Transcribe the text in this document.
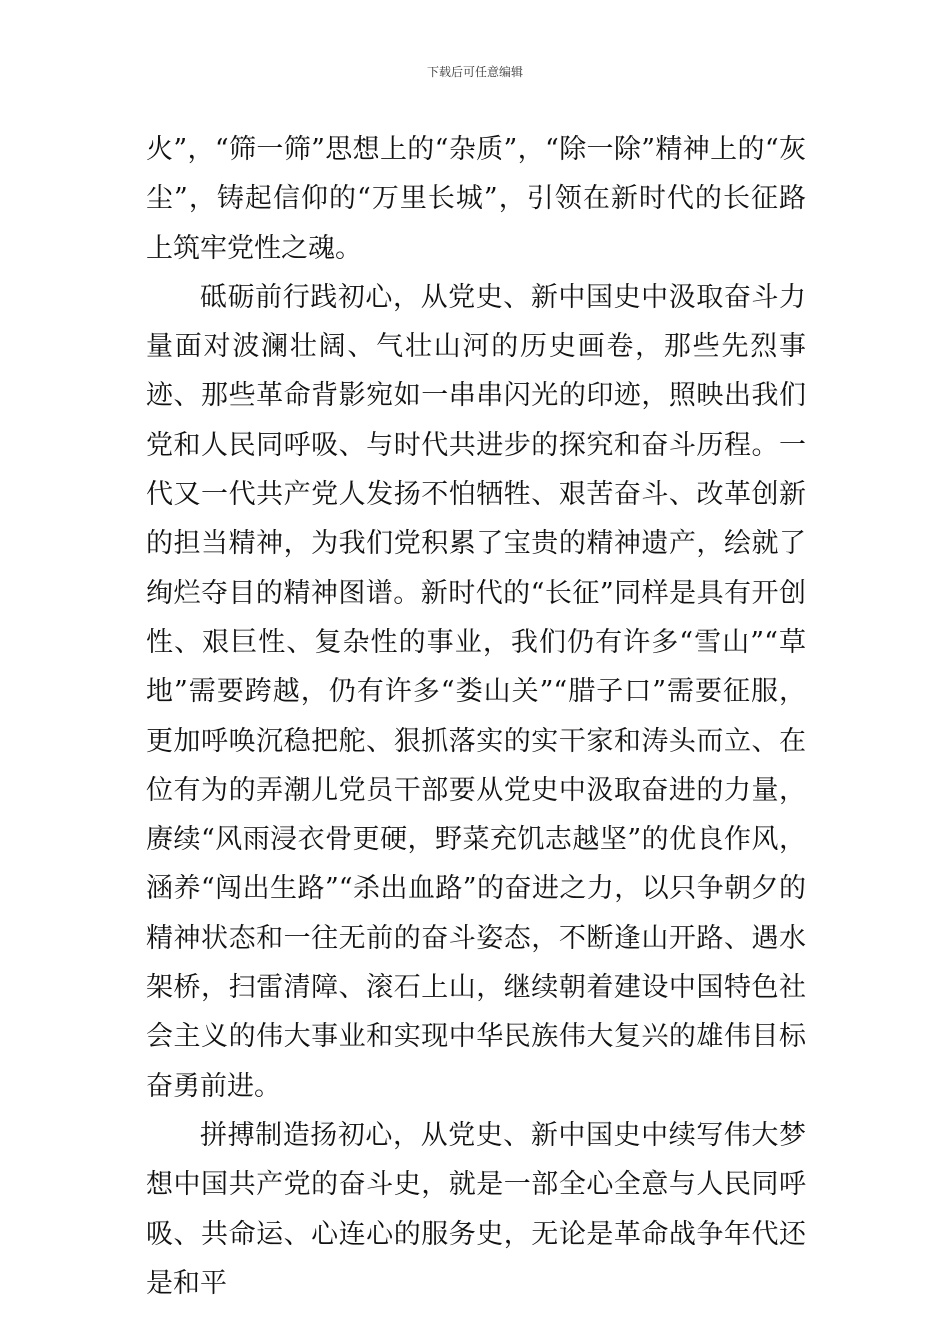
下载后可任意编辑

火”，“筛一筛”思想上的“杂质”，“除一除”精神上的“灰尘”，铸起信仰的“万里长城”，引领在新时代的长征路上筑牢党性之魂。

砥砺前行践初心，从党史、新中国史中汲取奋斗力量面对波澜壮阔、气壮山河的历史画卷，那些先烈事迹、那些革命背影宛如一串串闪光的印迹，照映出我们党和人民同呼吸、与时代共进步的探究和奋斗历程。一代又一代共产党人发扬不怕牺牲、艰苦奋斗、改革创新的担当精神，为我们党积累了宝贵的精神遗产，绘就了绚烂夺目的精神图谱。新时代的“长征”同样是具有开创性、艰巨性、复杂性的事业，我们仍有许多“雪山”“草地”需要跨越，仍有许多“娄山关”“腊子口”需要征服，更加呼唤沉稳把舵、狠抓落实的实干家和涛头而立、在位有为的弄潮儿党员干部要从党史中汲取奋进的力量，赓续“风雨浸衣骨更硬，野菜充饥志越坚”的优良作风，涵养“闯出生路”“杀出血路”的奋进之力，以只争朝夕的精神状态和一往无前的奋斗姿态，不断逢山开路、遇水架桥，扫雷清障、滚石上山，继续朝着建设中国特色社会主义的伟大事业和实现中华民族伟大复兴的雄伟目标奋勇前进。

拼搏制造扬初心，从党史、新中国史中续写伟大梦想中国共产党的奋斗史，就是一部全心全意与人民同呼吸、共命运、心连心的服务史，无论是革命战争年代还是和平
